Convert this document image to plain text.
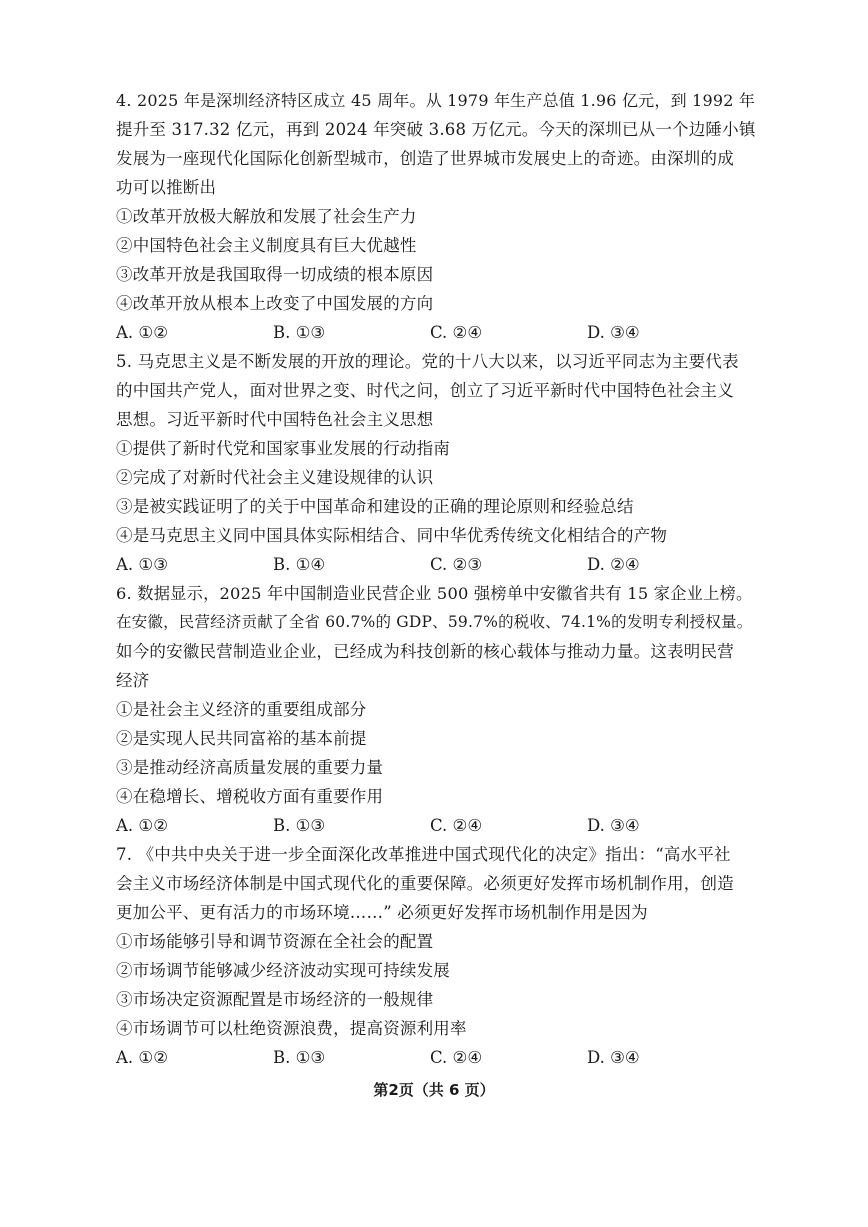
4. 2025 年是深圳经济特区成立 45 周年。从 1979 年生产总值 1.96 亿元，到 1992 年
提升至 317.32 亿元，再到 2024 年突破 3.68 万亿元。今天的深圳已从一个边陲小镇
发展为一座现代化国际化创新型城市，创造了世界城市发展史上的奇迹。由深圳的成
功可以推断出
①改革开放极大解放和发展了社会生产力
②中国特色社会主义制度具有巨大优越性
③改革开放是我国取得一切成绩的根本原因
④改革开放从根本上改变了中国发展的方向
A. ①②	B. ①③	C. ②④	D. ③④
5. 马克思主义是不断发展的开放的理论。党的十八大以来，以习近平同志为主要代表
的中国共产党人，面对世界之变、时代之问，创立了习近平新时代中国特色社会主义
思想。习近平新时代中国特色社会主义思想
①提供了新时代党和国家事业发展的行动指南
②完成了对新时代社会主义建设规律的认识
③是被实践证明了的关于中国革命和建设的正确的理论原则和经验总结
④是马克思主义同中国具体实际相结合、同中华优秀传统文化相结合的产物
A. ①③	B. ①④	C. ②③	D. ②④
6. 数据显示，2025 年中国制造业民营企业 500 强榜单中安徽省共有 15 家企业上榜。
在安徽，民营经济贡献了全省 60.7%的 GDP、59.7%的税收、74.1%的发明专利授权量。
如今的安徽民营制造业企业，已经成为科技创新的核心载体与推动力量。这表明民营
经济
①是社会主义经济的重要组成部分
②是实现人民共同富裕的基本前提
③是推动经济高质量发展的重要力量
④在稳增长、增税收方面有重要作用
A. ①②	B. ①③	C. ②④	D. ③④
7. 《中共中央关于进一步全面深化改革推进中国式现代化的决定》指出：“高水平社
会主义市场经济体制是中国式现代化的重要保障。必须更好发挥市场机制作用，创造
更加公平、更有活力的市场环境……” 必须更好发挥市场机制作用是因为
①市场能够引导和调节资源在全社会的配置
②市场调节能够减少经济波动实现可持续发展
③市场决定资源配置是市场经济的一般规律
④市场调节可以杜绝资源浪费，提高资源利用率
A. ①②	B. ①③	C. ②④	D. ③④
第2页（共 6 页）
